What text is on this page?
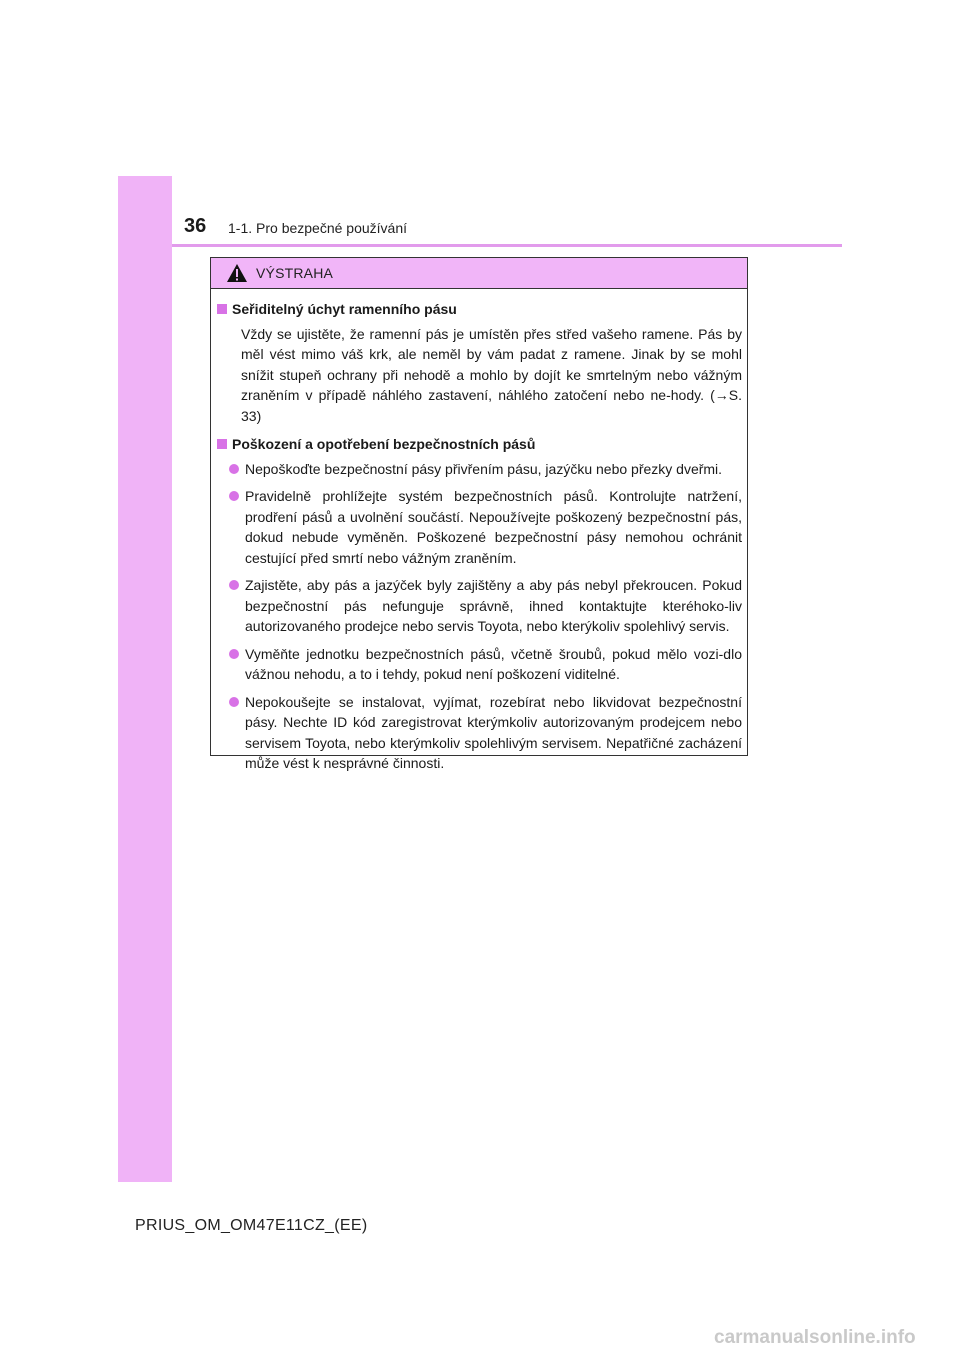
36 1-1. Pro bezpečné používání
VÝSTRAHA
Seřiditelný úchyt ramenního pásu
Vždy se ujistěte, že ramenní pás je umístěn přes střed vašeho ramene. Pás by měl vést mimo váš krk, ale neměl by vám padat z ramene. Jinak by se mohl snížit stupeň ochrany při nehodě a mohlo by dojít ke smrtelným nebo vážným zraněním v případě náhlého zastavení, náhlého zatočení nebo ne-hody. (→S. 33)
Poškození a opotřebení bezpečnostních pásů
Nepoškoďte bezpečnostní pásy přivřením pásu, jazýčku nebo přezky dveřmi.
Pravidelně prohlížejte systém bezpečnostních pásů. Kontrolujte natržení, prodření pásů a uvolnění součástí. Nepoužívejte poškozený bezpečnostní pás, dokud nebude vyměněn. Poškozené bezpečnostní pásy nemohou ochránit cestující před smrtí nebo vážným zraněním.
Zajistěte, aby pás a jazýček byly zajištěny a aby pás nebyl překroucen. Pokud bezpečnostní pás nefunguje správně, ihned kontaktujte kteréhoko-liv autorizovaného prodejce nebo servis Toyota, nebo kterýkoliv spolehlivý servis.
Vyměňte jednotku bezpečnostních pásů, včetně šroubů, pokud mělo vozi-dlo vážnou nehodu, a to i tehdy, pokud není poškození viditelné.
Nepokoušejte se instalovat, vyjímat, rozebírat nebo likvidovat bezpečnostní pásy. Nechte ID kód zaregistrovat kterýmkoliv autorizovaným prodejcem nebo servisem Toyota, nebo kterýmkoliv spolehlivým servisem. Nepatřičné zacházení může vést k nesprávné činnosti.
PRIUS_OM_OM47E11CZ_(EE)
carmanualsonline.info
